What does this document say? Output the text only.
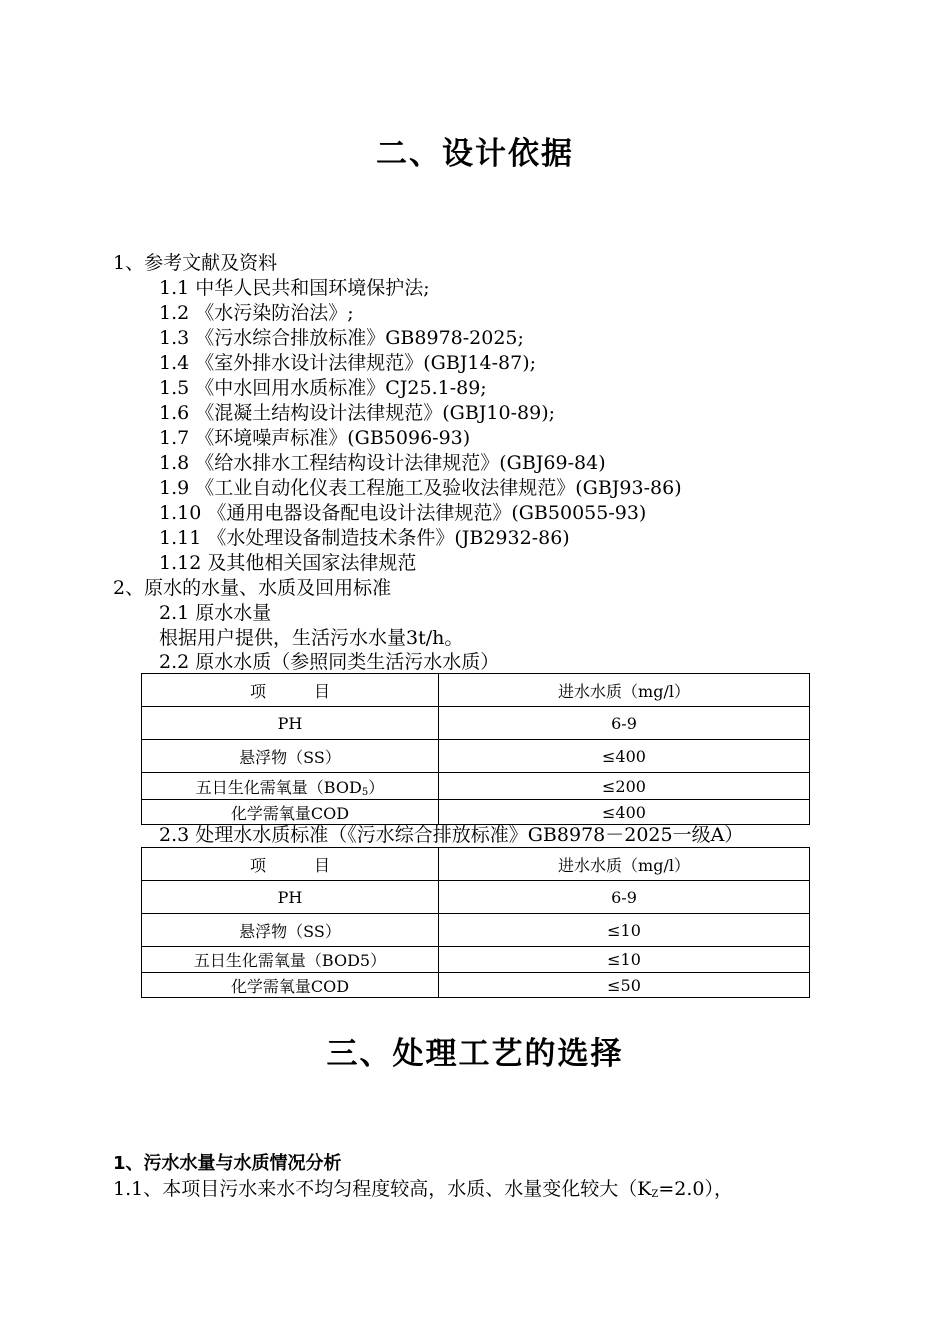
二、设计依据
1、参考文献及资料
1.1 中华人民共和国环境保护法;
1.2 《水污染防治法》;
1.3 《污水综合排放标准》GB8978-2025;
1.4 《室外排水设计法律规范》(GBJ14-87);
1.5 《中水回用水质标准》CJ25.1-89;
1.6 《混凝土结构设计法律规范》(GBJ10-89);
1.7 《环境噪声标准》(GB5096-93)
1.8 《给水排水工程结构设计法律规范》(GBJ69-84)
1.9 《工业自动化仪表工程施工及验收法律规范》(GBJ93-86)
1.10 《通用电器设备配电设计法律规范》(GB50055-93)
1.11 《水处理设备制造技术条件》(JB2932-86)
1.12 及其他相关国家法律规范
2、原水的水量、水质及回用标准
2.1 原水水量
根据用户提供，生活污水水量3t/h。
2.2 原水水质（参照同类生活污水水质）
项　　　目	进水水质（mg/l）
PH	6-9
悬浮物（SS）	≤400
五日生化需氧量$(BOD_5)$	≤200
化学需氧量COD	≤400
2.3 处理水水质标准（《污水综合排放标准》GB8978－2025一级A）
项　　　目	进水水质（mg/l）
PH	6-9
悬浮物（SS）	≤10
五日生化需氧量（BOD5）	≤10
化学需氧量COD	≤50
三、处理工艺的选择
1、污水水量与水质情况分析
1.1、本项目污水来水不均匀程度较高，水质、水量变化较大$(K_Z=2.0)$，
